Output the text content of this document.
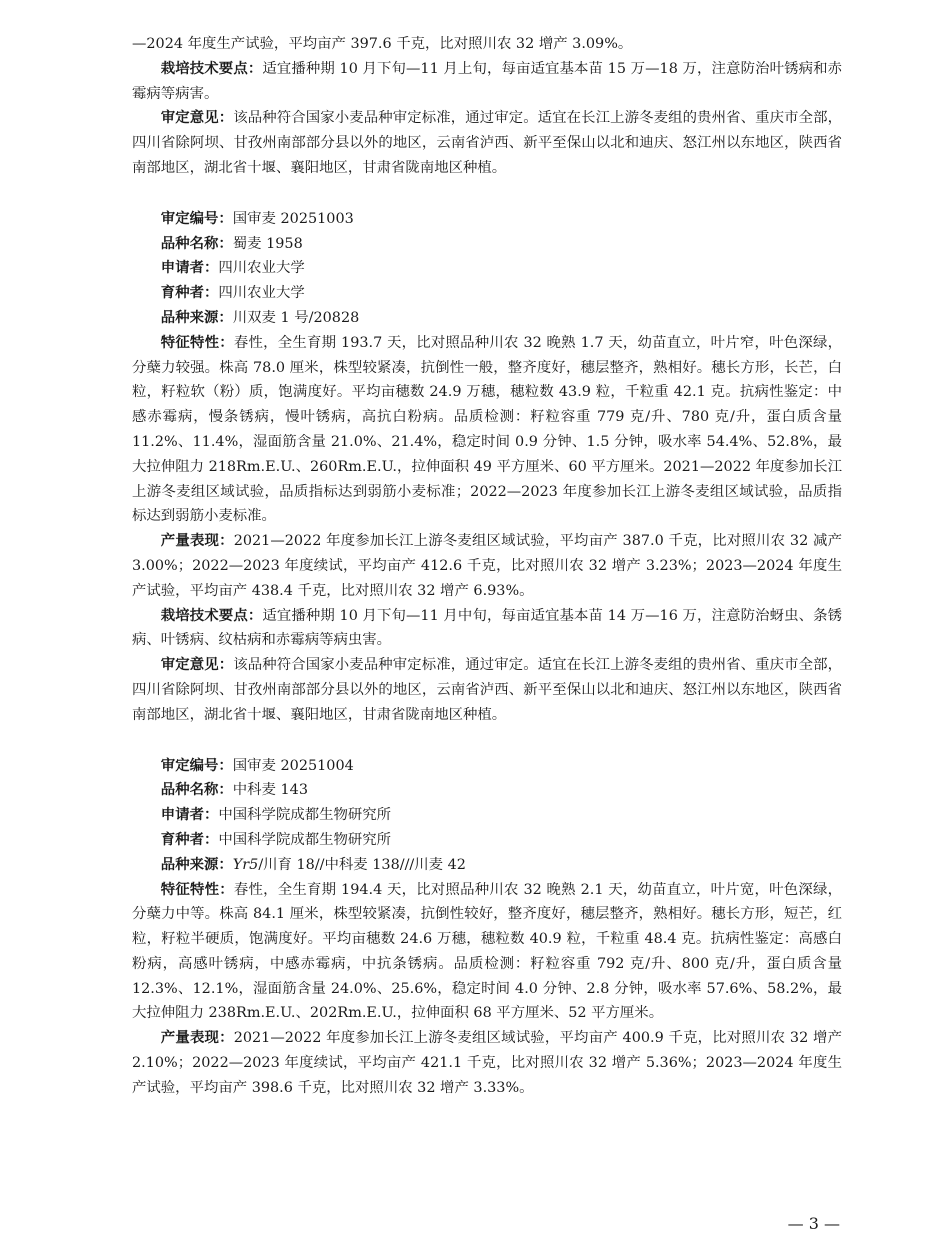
—2024 年度生产试验，平均亩产 397.6 千克，比对照川农 32 增产 3.09%。

栽培技术要点：适宜播种期 10 月下旬—11 月上旬，每亩适宜基本苗 15 万—18 万，注意防治叶锈病和赤霉病等病害。

审定意见：该品种符合国家小麦品种审定标准，通过审定。适宜在长江上游冬麦组的贵州省、重庆市全部，四川省除阿坝、甘孜州南部部分县以外的地区，云南省泸西、新平至保山以北和迪庆、怒江州以东地区，陕西省南部地区，湖北省十堰、襄阳地区，甘肃省陇南地区种植。

审定编号：国审麦 20251003

品种名称：蜀麦 1958

申请者：四川农业大学

育种者：四川农业大学

品种来源：川双麦 1 号/20828

特征特性：春性，全生育期 193.7 天，比对照品种川农 32 晚熟 1.7 天，幼苗直立，叶片窄，叶色深绿，分蘖力较强。株高 78.0 厘米，株型较紧凑，抗倒性一般，整齐度好，穗层整齐，熟相好。穗长方形，长芒，白粒，籽粒软（粉）质，饱满度好。平均亩穗数 24.9 万穗，穗粒数 43.9 粒，千粒重 42.1 克。抗病性鉴定：中感赤霉病，慢条锈病，慢叶锈病，高抗白粉病。品质检测：籽粒容重 779 克/升、780 克/升，蛋白质含量 11.2%、11.4%，湿面筋含量 21.0%、21.4%，稳定时间 0.9 分钟、1.5 分钟，吸水率 54.4%、52.8%，最大拉伸阻力 218Rm.E.U.、260Rm.E.U.，拉伸面积 49 平方厘米、60 平方厘米。2021—2022 年度参加长江上游冬麦组区域试验，品质指标达到弱筋小麦标准；2022—2023 年度参加长江上游冬麦组区域试验，品质指标达到弱筋小麦标准。

产量表现：2021—2022 年度参加长江上游冬麦组区域试验，平均亩产 387.0 千克，比对照川农 32 减产 3.00%；2022—2023 年度续试，平均亩产 412.6 千克，比对照川农 32 增产 3.23%；2023—2024 年度生产试验，平均亩产 438.4 千克，比对照川农 32 增产 6.93%。

栽培技术要点：适宜播种期 10 月下旬—11 月中旬，每亩适宜基本苗 14 万—16 万，注意防治蚜虫、条锈病、叶锈病、纹枯病和赤霉病等病虫害。

审定意见：该品种符合国家小麦品种审定标准，通过审定。适宜在长江上游冬麦组的贵州省、重庆市全部，四川省除阿坝、甘孜州南部部分县以外的地区，云南省泸西、新平至保山以北和迪庆、怒江州以东地区，陕西省南部地区，湖北省十堰、襄阳地区，甘肃省陇南地区种植。

审定编号：国审麦 20251004

品种名称：中科麦 143

申请者：中国科学院成都生物研究所

育种者：中国科学院成都生物研究所

品种来源：Yr5/川育 18//中科麦 138///川麦 42

特征特性：春性，全生育期 194.4 天，比对照品种川农 32 晚熟 2.1 天，幼苗直立，叶片宽，叶色深绿，分蘖力中等。株高 84.1 厘米，株型较紧凑，抗倒性较好，整齐度好，穗层整齐，熟相好。穗长方形，短芒，红粒，籽粒半硬质，饱满度好。平均亩穗数 24.6 万穗，穗粒数 40.9 粒，千粒重 48.4 克。抗病性鉴定：高感白粉病，高感叶锈病，中感赤霉病，中抗条锈病。品质检测：籽粒容重 792 克/升、800 克/升，蛋白质含量 12.3%、12.1%，湿面筋含量 24.0%、25.6%，稳定时间 4.0 分钟、2.8 分钟，吸水率 57.6%、58.2%，最大拉伸阻力 238Rm.E.U.、202Rm.E.U.，拉伸面积 68 平方厘米、52 平方厘米。

产量表现：2021—2022 年度参加长江上游冬麦组区域试验，平均亩产 400.9 千克，比对照川农 32 增产 2.10%；2022—2023 年度续试，平均亩产 421.1 千克，比对照川农 32 增产 5.36%；2023—2024 年度生产试验，平均亩产 398.6 千克，比对照川农 32 增产 3.33%。

— 3 —
